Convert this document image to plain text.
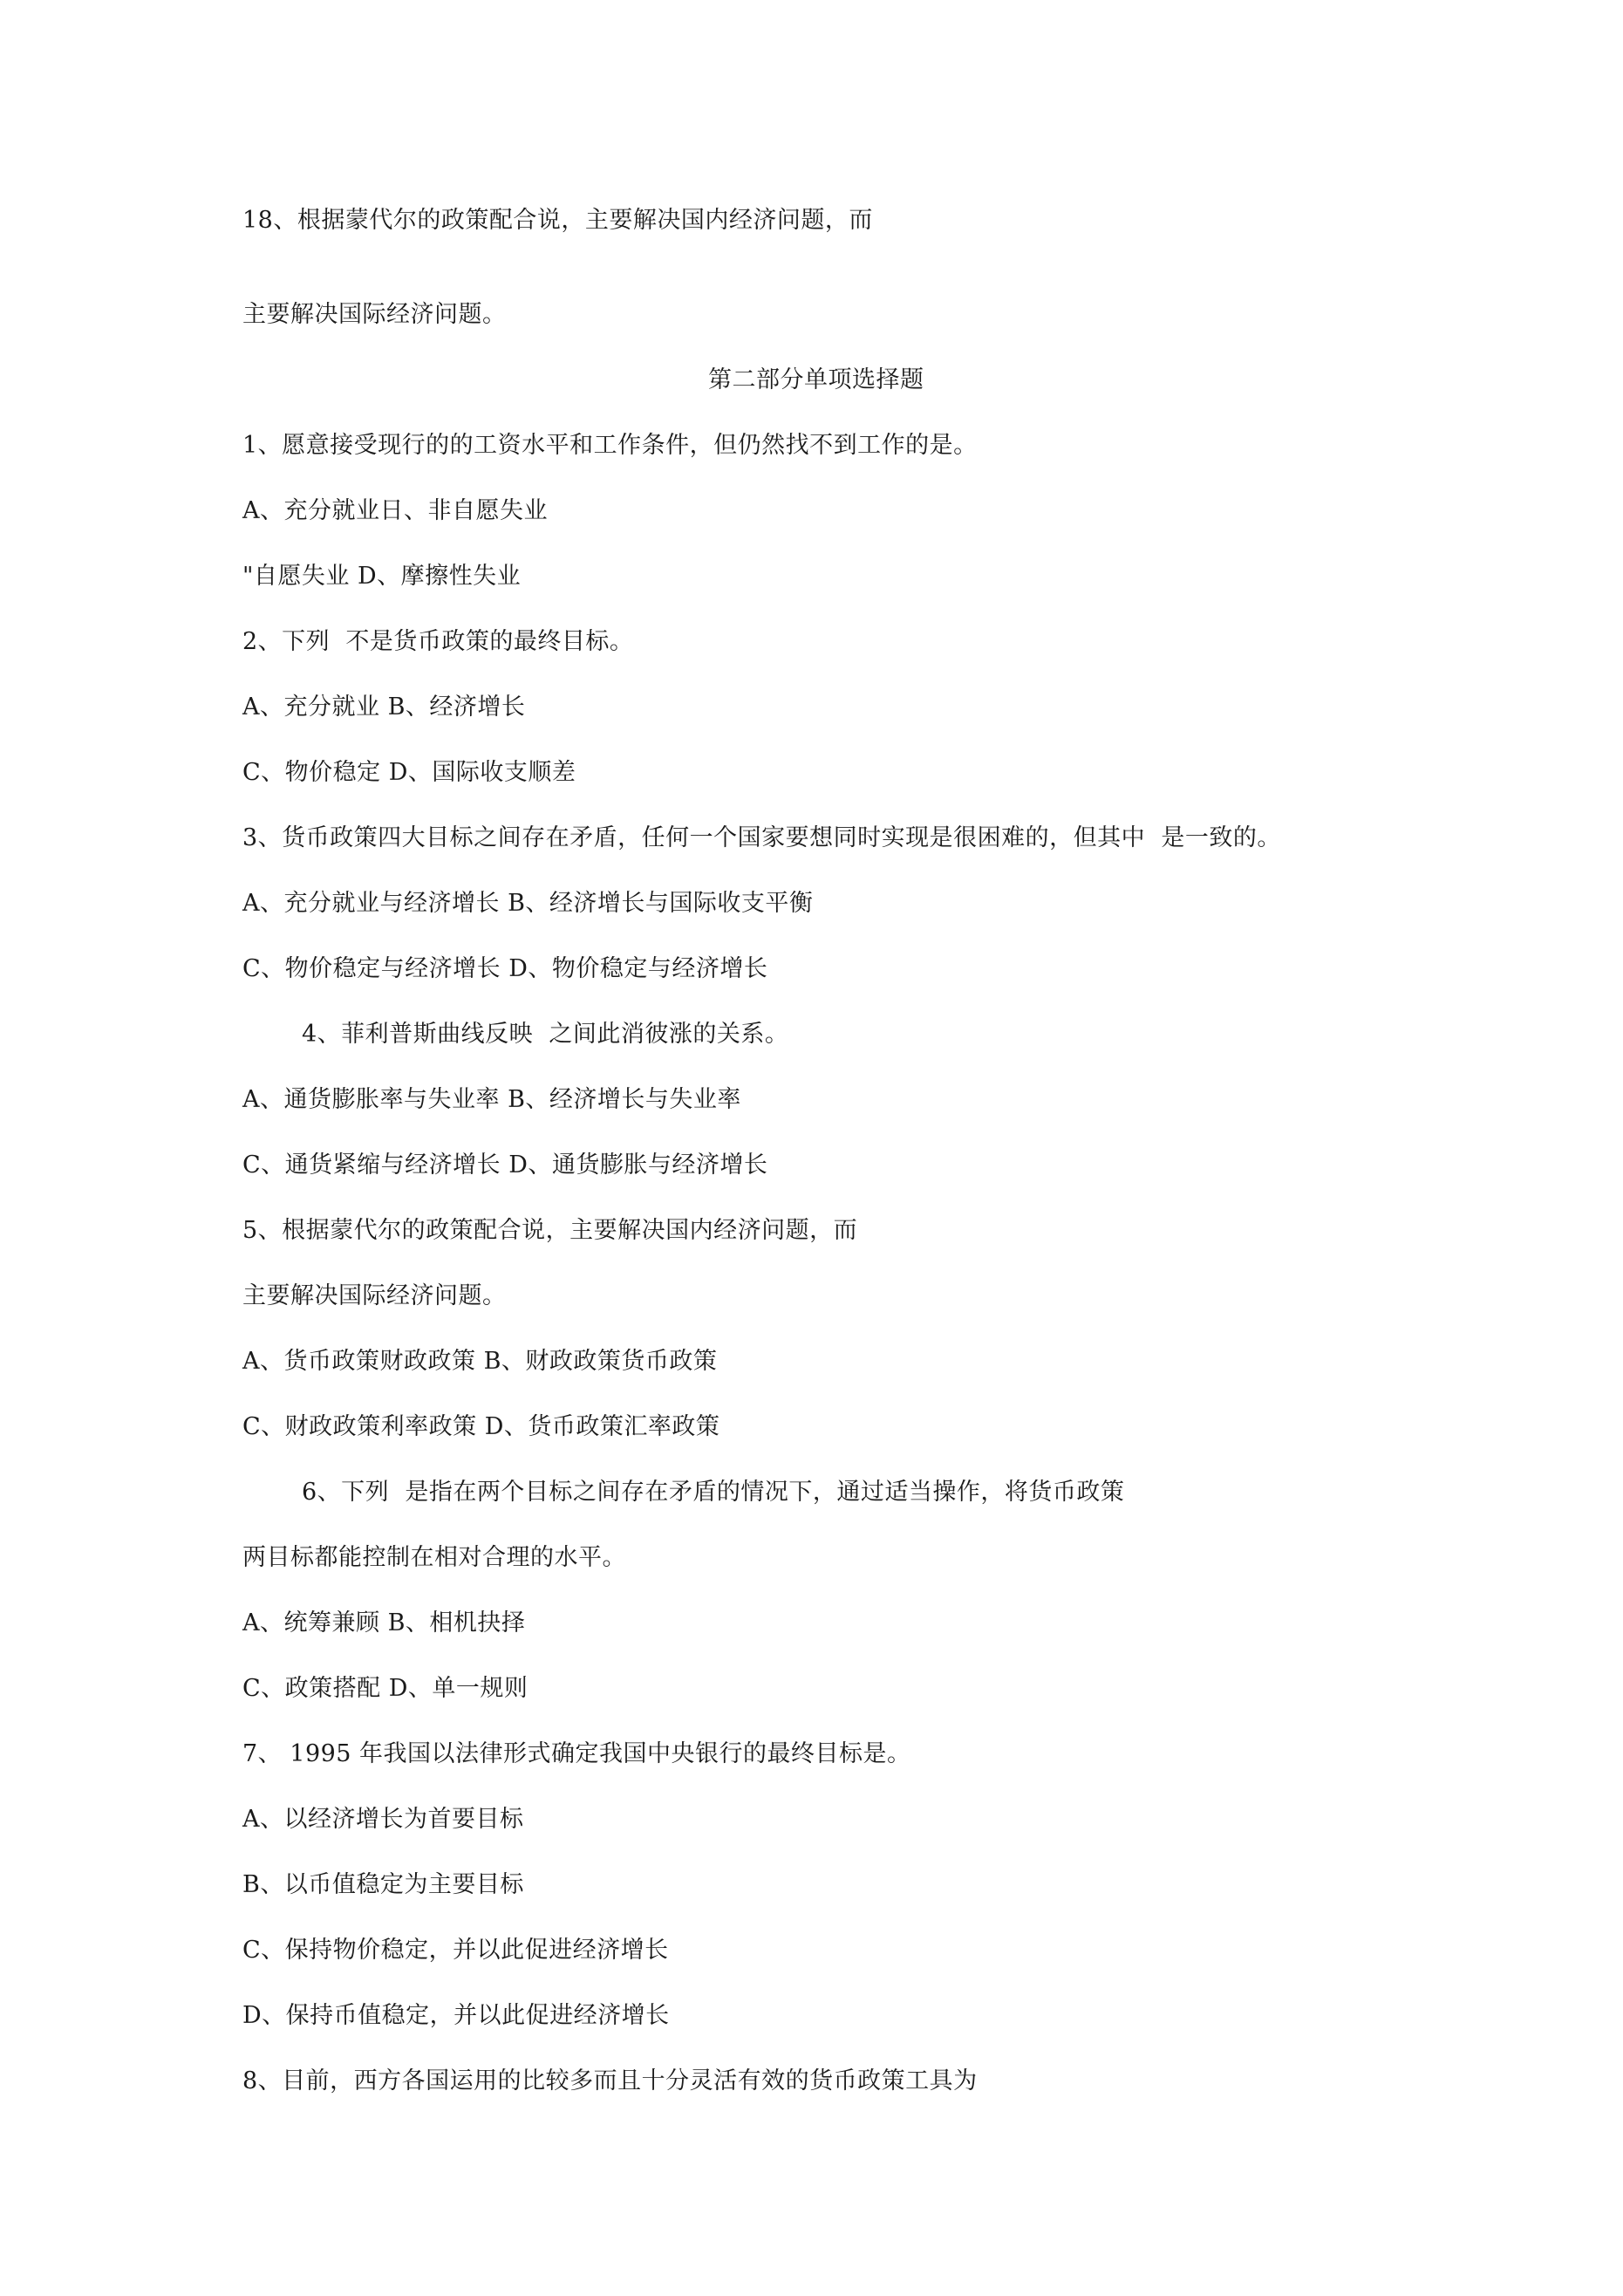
18、根据蒙代尔的政策配合说，主要解决国内经济问题，而
主要解决国际经济问题。
第二部分单项选择题
1、愿意接受现行的的工资水平和工作条件，但仍然找不到工作的是。
A、充分就业日、非自愿失业
"自愿失业 D、摩擦性失业
2、下列  不是货币政策的最终目标。
A、充分就业 B、经济增长
C、物价稳定 D、国际收支顺差
3、货币政策四大目标之间存在矛盾，任何一个国家要想同时实现是很困难的，但其中  是一致的。
A、充分就业与经济增长 B、经济增长与国际收支平衡
C、物价稳定与经济增长 D、物价稳定与经济增长
4、菲利普斯曲线反映  之间此消彼涨的关系。
A、通货膨胀率与失业率 B、经济增长与失业率
C、通货紧缩与经济增长 D、通货膨胀与经济增长
5、根据蒙代尔的政策配合说，主要解决国内经济问题，而
主要解决国际经济问题。
A、货币政策财政政策 B、财政政策货币政策
C、财政政策利率政策 D、货币政策汇率政策
6、下列  是指在两个目标之间存在矛盾的情况下，通过适当操作，将货币政策
两目标都能控制在相对合理的水平。
A、统筹兼顾 B、相机抉择
C、政策搭配 D、单一规则
7、 1995 年我国以法律形式确定我国中央银行的最终目标是。
A、以经济增长为首要目标
B、以币值稳定为主要目标
C、保持物价稳定，并以此促进经济增长
D、保持币值稳定，并以此促进经济增长
8、目前，西方各国运用的比较多而且十分灵活有效的货币政策工具为
